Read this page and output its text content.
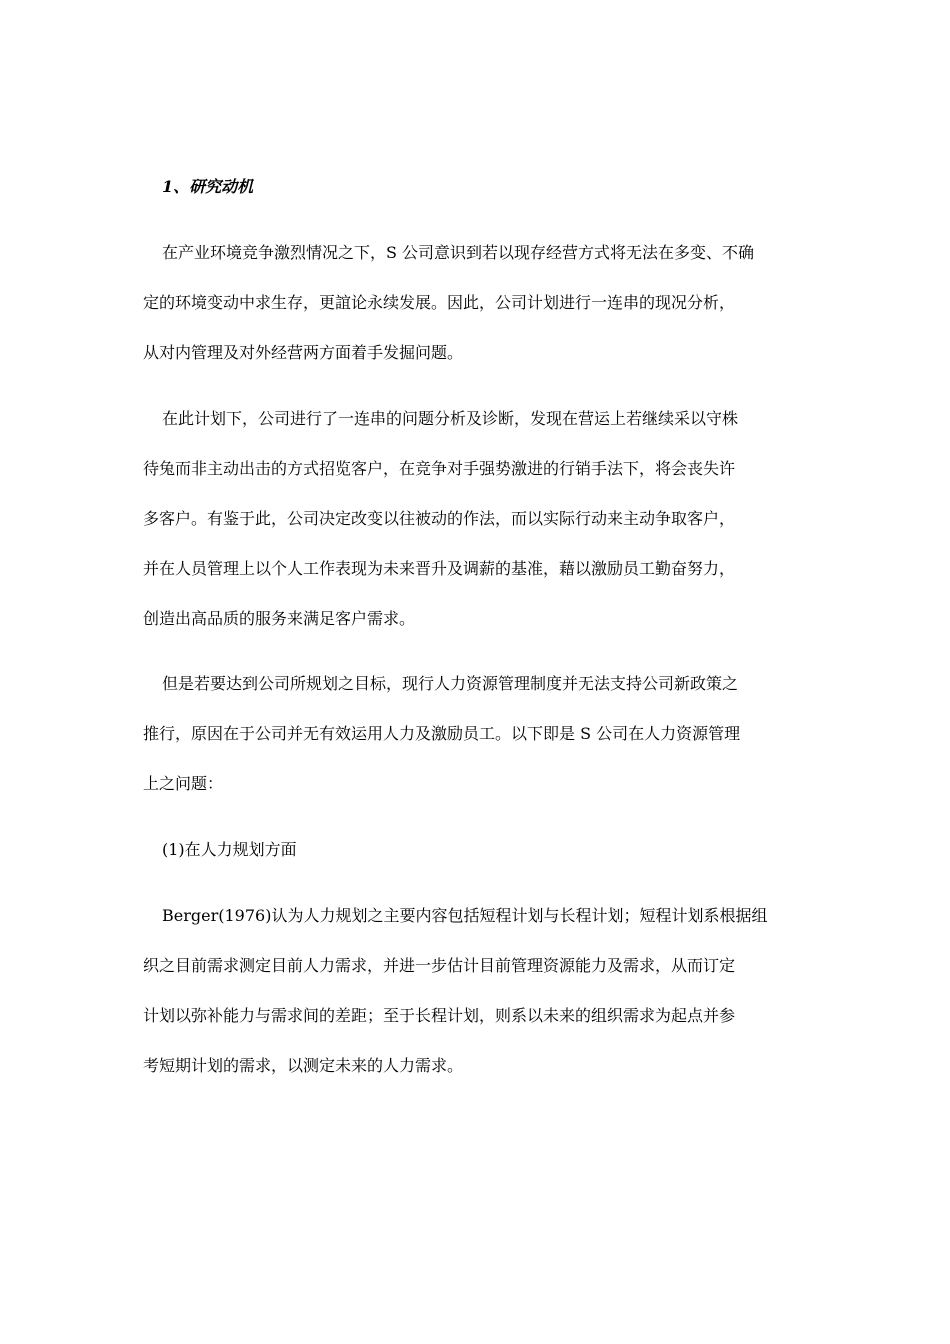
1、研究动机
在产业环境竞争激烈情况之下，S 公司意识到若以现存经营方式将无法在多变、不确
定的环境变动中求生存，更誼论永续发展。因此，公司计划进行一连串的现况分析，
从对内管理及对外经营两方面着手发掘问题。
在此计划下，公司进行了一连串的问题分析及诊断，发现在营运上若继续采以守株
待兔而非主动出击的方式招览客户，在竞争对手强势激进的行销手法下，将会丧失许
多客户。有鉴于此，公司决定改变以往被动的作法，而以实际行动来主动争取客户，
并在人员管理上以个人工作表现为未来晋升及调薪的基准，藉以激励员工勤奋努力，
创造出高品质的服务来满足客户需求。
但是若要达到公司所规划之目标，现行人力资源管理制度并无法支持公司新政策之
推行，原因在于公司并无有效运用人力及激励员工。以下即是 S 公司在人力资源管理
上之问题：
(1)在人力规划方面
Berger(1976)认为人力规划之主要内容包括短程计划与长程计划；短程计划系根据组
织之目前需求测定目前人力需求，并进一步估计目前管理资源能力及需求，从而订定
计划以弥补能力与需求间的差距；至于长程计划，则系以未来的组织需求为起点并参
考短期计划的需求，以测定未来的人力需求。
